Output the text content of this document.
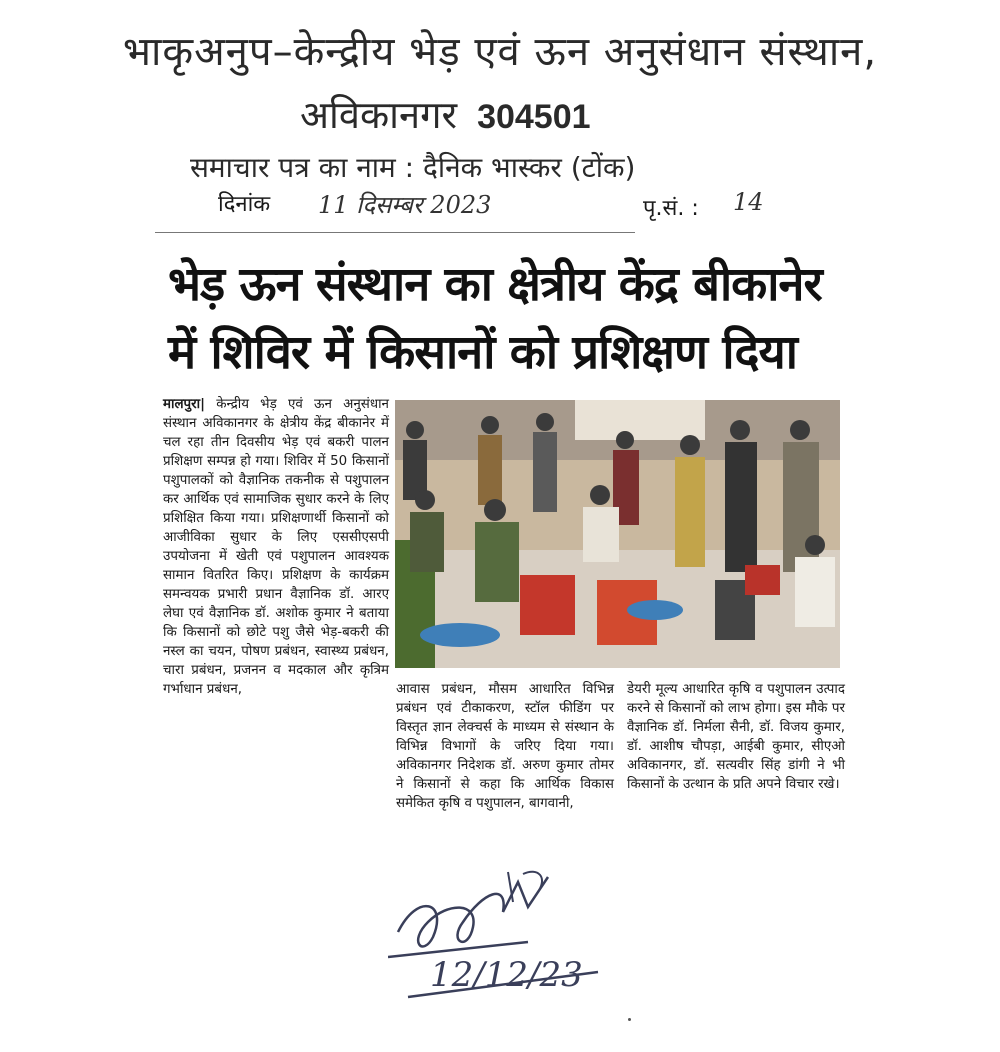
भाकृअनुप–केन्द्रीय भेड़ एवं ऊन अनुसंधान संस्थान,
अविकानगर 304501
समाचार पत्र का नाम : दैनिक भास्कर (टोंक)
दिनांक 11 दिसम्बर 2023	पृ.सं. : 14
भेड़ ऊन संस्थान का क्षेत्रीय केंद्र बीकानेर
में शिविर में किसानों को प्रशिक्षण दिया
मालपुरा| केन्द्रीय भेड़ एवं ऊन अनुसंधान संस्थान अविकानगर के क्षेत्रीय केंद्र बीकानेर में चल रहा तीन दिवसीय भेड़ एवं बकरी पालन प्रशिक्षण सम्पन्न हो गया। शिविर में 50 किसानों पशुपालकों को वैज्ञानिक तकनीक से पशुपालन कर आर्थिक एवं सामाजिक सुधार करने के लिए प्रशिक्षित किया गया। प्रशिक्षणार्थी किसानों को आजीविका सुधार के लिए एससीएसपी उपयोजना में खेती एवं पशुपालन आवश्यक सामान वितरित किए। प्रशिक्षण के कार्यक्रम समन्वयक प्रभारी प्रधान वैज्ञानिक डॉ. आरए लेघा एवं वैज्ञानिक डॉ. अशोक कुमार ने बताया कि किसानों को छोटे पशु जैसे भेड़-बकरी की नस्ल का चयन, पोषण प्रबंधन, स्वास्थ्य प्रबंधन, चारा प्रबंधन, प्रजनन व मदकाल और कृत्रिम गर्भाधान प्रबंधन,	आवास प्रबंधन, मौसम आधारित विभिन्न प्रबंधन एवं टीकाकरण, स्टॉल फीडिंग पर विस्तृत ज्ञान लेक्चर्स के माध्यम से संस्थान के विभिन्न विभागों के जरिए दिया गया। अविकानगर निदेशक डॉ. अरुण कुमार तोमर ने किसानों से कहा कि आर्थिक विकास समेकित कृषि व पशुपालन, बागवानी,
डेयरी मूल्य आधारित कृषि व पशुपालन उत्पाद करने से किसानों को लाभ होगा। इस मौके पर वैज्ञानिक डॉ. निर्मला सैनी, डॉ. विजय कुमार, डॉ. आशीष चौपड़ा, आईबी कुमार, सीएओ अविकानगर, डॉ. सत्यवीर सिंह डांगी ने भी किसानों के उत्थान के प्रति अपने विचार रखे।
12/12/23
